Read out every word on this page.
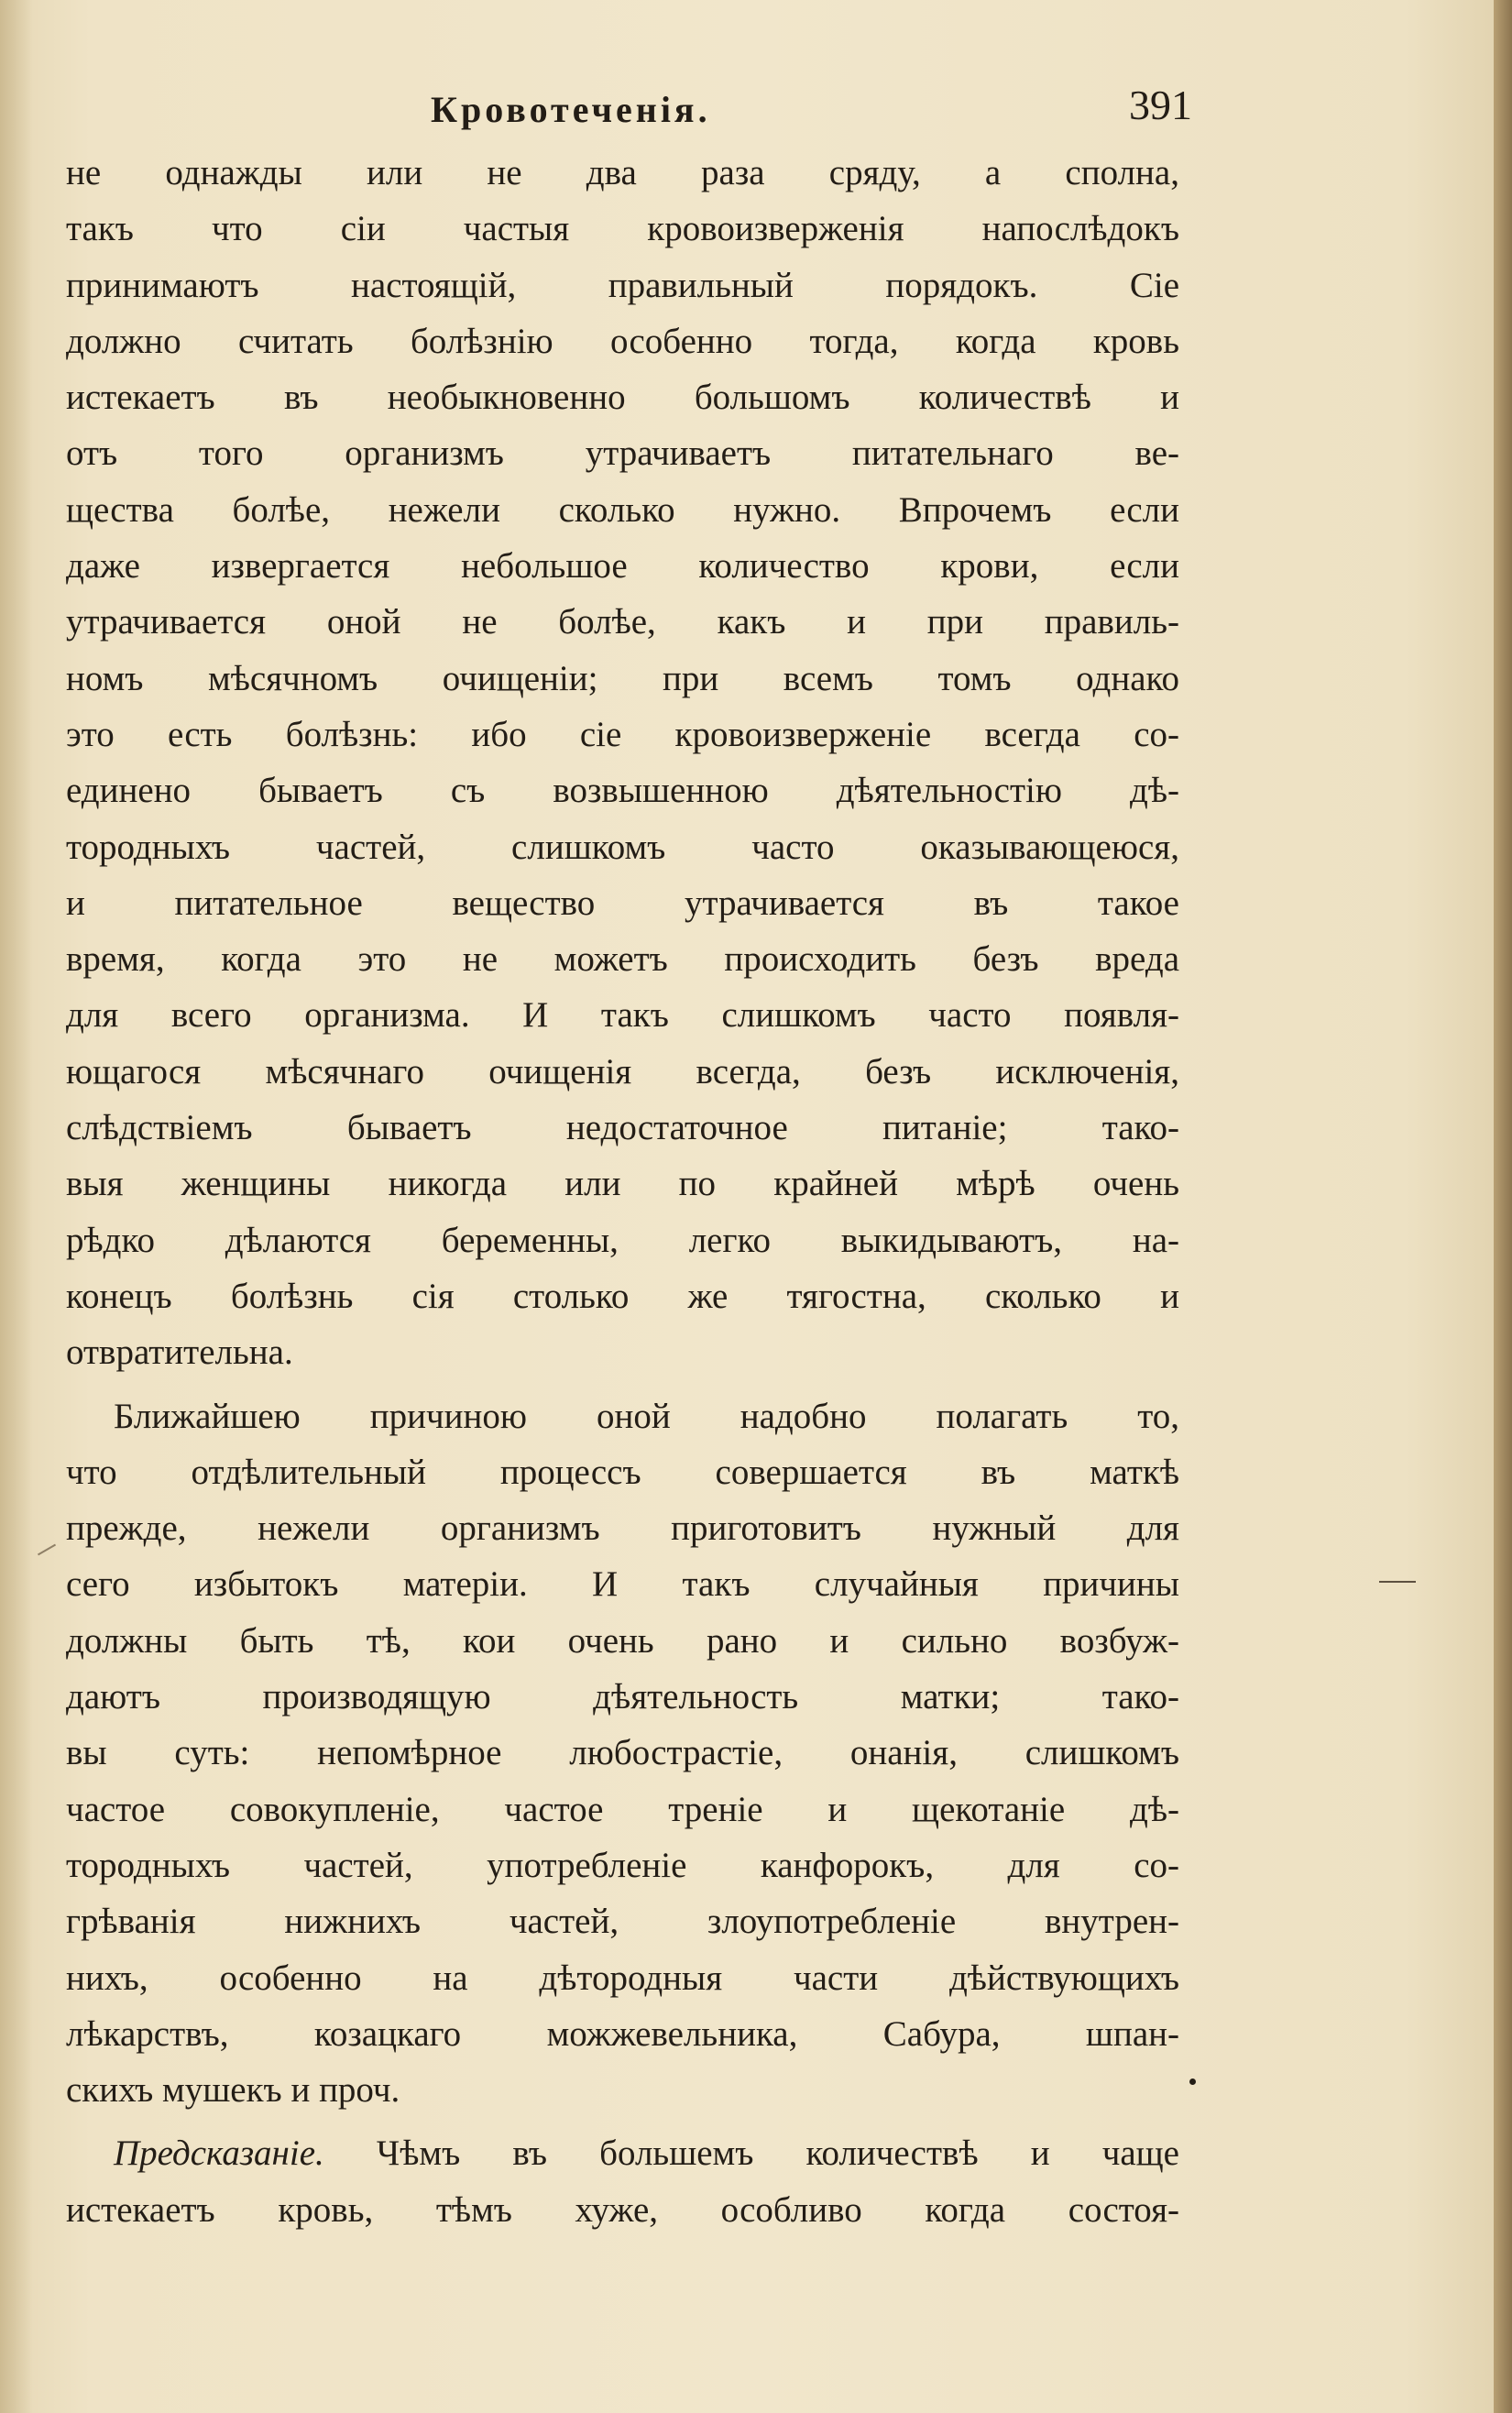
Кровотеченія.	391
не однажды или не два раза сряду, а сполна,
такъ что сіи частыя кровоизверженія напослѣдокъ
принимаютъ настоящій, правильный порядокъ. Сіе
должно считать болѣзнію особенно тогда, когда кровь
истекаетъ въ необыкновенно большомъ количествѣ и
отъ того организмъ утрачиваетъ питательнаго ве-
щества болѣе, нежели сколько нужно. Впрочемъ если
даже извергается небольшое количество крови, если
утрачивается оной не болѣе, какъ и при правиль-
номъ мѣсячномъ очищеніи; при всемъ томъ однако
это есть болѣзнь: ибо сіе кровоизверженіе всегда со-
единено бываетъ съ возвышенною дѣятельностію дѣ-
тородныхъ частей, слишкомъ часто оказывающеюся,
и питательное вещество утрачивается въ такое
время, когда это не можетъ происходить безъ вреда
для всего организма. И такъ слишкомъ часто появля-
ющагося мѣсячнаго очищенія всегда, безъ исключенія,
слѣдствіемъ бываетъ недостаточное питаніе; тако-
выя женщины никогда или по крайней мѣрѣ очень
рѣдко дѣлаются беременны, легко выкидываютъ, на-
конецъ болѣзнь сія столько же тягостна, сколько и
отвратительна.
Ближайшею причиною оной надобно полагать то,
что отдѣлительный процессъ совершается въ маткѣ
прежде, нежели организмъ приготовитъ нужный для
сего избытокъ матеріи. И такъ случайныя причины
должны быть тѣ, кои очень рано и сильно возбуж-
даютъ производящую дѣятельность матки; тако-
вы суть: непомѣрное любострастіе, онанія, слишкомъ
частое совокупленіе, частое треніе и щекотаніе дѣ-
тородныхъ частей, употребленіе канфорокъ, для со-
грѣванія нижнихъ частей, злоупотребленіе внутрен-
нихъ, особенно на дѣтородныя части дѣйствующихъ
лѣкарствъ, козацкаго можжевельника, Сабура, шпан-
скихъ мушекъ и проч.
Предсказаніе. Чѣмъ въ большемъ количествѣ и чаще
истекаетъ кровь, тѣмъ хуже, особливо когда состоя-
